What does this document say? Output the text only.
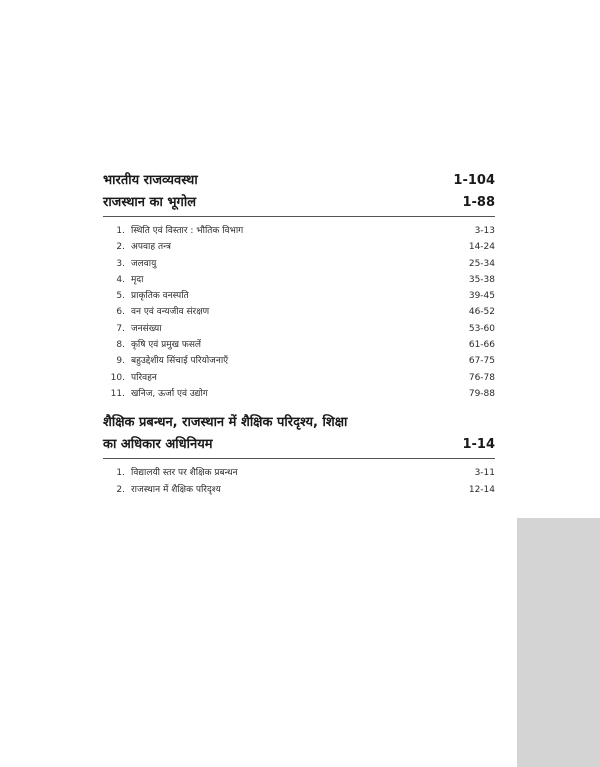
भारतीय राजव्यवस्था	1-104
राजस्थान का भूगोल	1-88
1. स्थिति एवं विस्तार : भौतिक विभाग	3-13
2. अपवाह तन्त्र	14-24
3. जलवायु	25-34
4. मृदा	35-38
5. प्राकृतिक वनस्पति	39-45
6. वन एवं वन्यजीव संरक्षण	46-52
7. जनसंख्या	53-60
8. कृषि एवं प्रमुख फसलें	61-66
9. बहुउद्देशीय सिंचाई परियोजनाएँ	67-75
10. परिवहन	76-78
11. खनिज, ऊर्जा एवं उद्योग	79-88
शैक्षिक प्रबन्धन, राजस्थान में शैक्षिक परिदृश्य, शिक्षा
का अधिकार अधिनियम	1-14
1. विद्यालयी स्तर पर शैक्षिक प्रबन्धन	3-11
2. राजस्थान में शैक्षिक परिदृश्य	12-14
